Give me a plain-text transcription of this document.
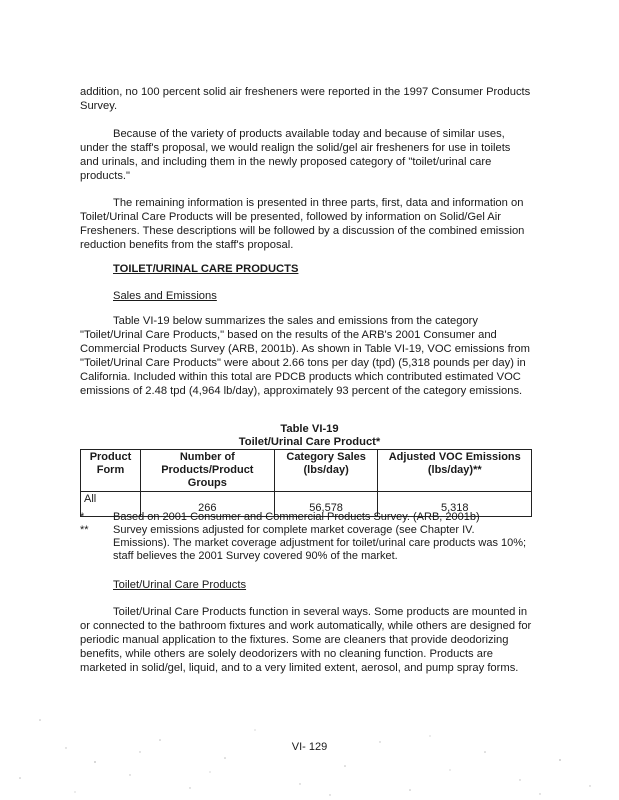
addition, no 100 percent solid air fresheners were reported in the 1997 Consumer Products Survey.

Because of the variety of products available today and because of similar uses, under the staff's proposal, we would realign the solid/gel air fresheners for use in toilets and urinals, and including them in the newly proposed category of "toilet/urinal care products."

The remaining information is presented in three parts, first, data and information on Toilet/Urinal Care Products will be presented, followed by information on Solid/Gel Air Fresheners. These descriptions will be followed by a discussion of the combined emission reduction benefits from the staff's proposal.

TOILET/URINAL CARE PRODUCTS

Sales and Emissions

Table VI-19 below summarizes the sales and emissions from the category "Toilet/Urinal Care Products," based on the results of the ARB's 2001 Consumer and Commercial Products Survey (ARB, 2001b). As shown in Table VI-19, VOC emissions from "Toilet/Urinal Care Products" were about 2.66 tons per day (tpd) (5,318 pounds per day) in California. Included within this total are PDCB products which contributed estimated VOC emissions of 2.48 tpd (4,964 lb/day), approximately 93 percent of the category emissions.

Table VI-19

Toilet/Urinal Care Product*

Product Form	Number of Products/Product Groups	Category Sales (lbs/day)	Adjusted VOC Emissions (lbs/day)**
All	266	56,578	5,318
*	Based on 2001 Consumer and Commercial Products Survey. (ARB, 2001b)
**	Survey emissions adjusted for complete market coverage (see Chapter IV. Emissions). The market coverage adjustment for toilet/urinal care products was 10%; staff believes the 2001 Survey covered 90% of the market.

Toilet/Urinal Care Products

Toilet/Urinal Care Products function in several ways. Some products are mounted in or connected to the bathroom fixtures and work automatically, while others are designed for periodic manual application to the fixtures. Some are cleaners that provide deodorizing benefits, while others are solely deodorizers with no cleaning function. Products are marketed in solid/gel, liquid, and to a very limited extent, aerosol, and pump spray forms.

VI- 129
